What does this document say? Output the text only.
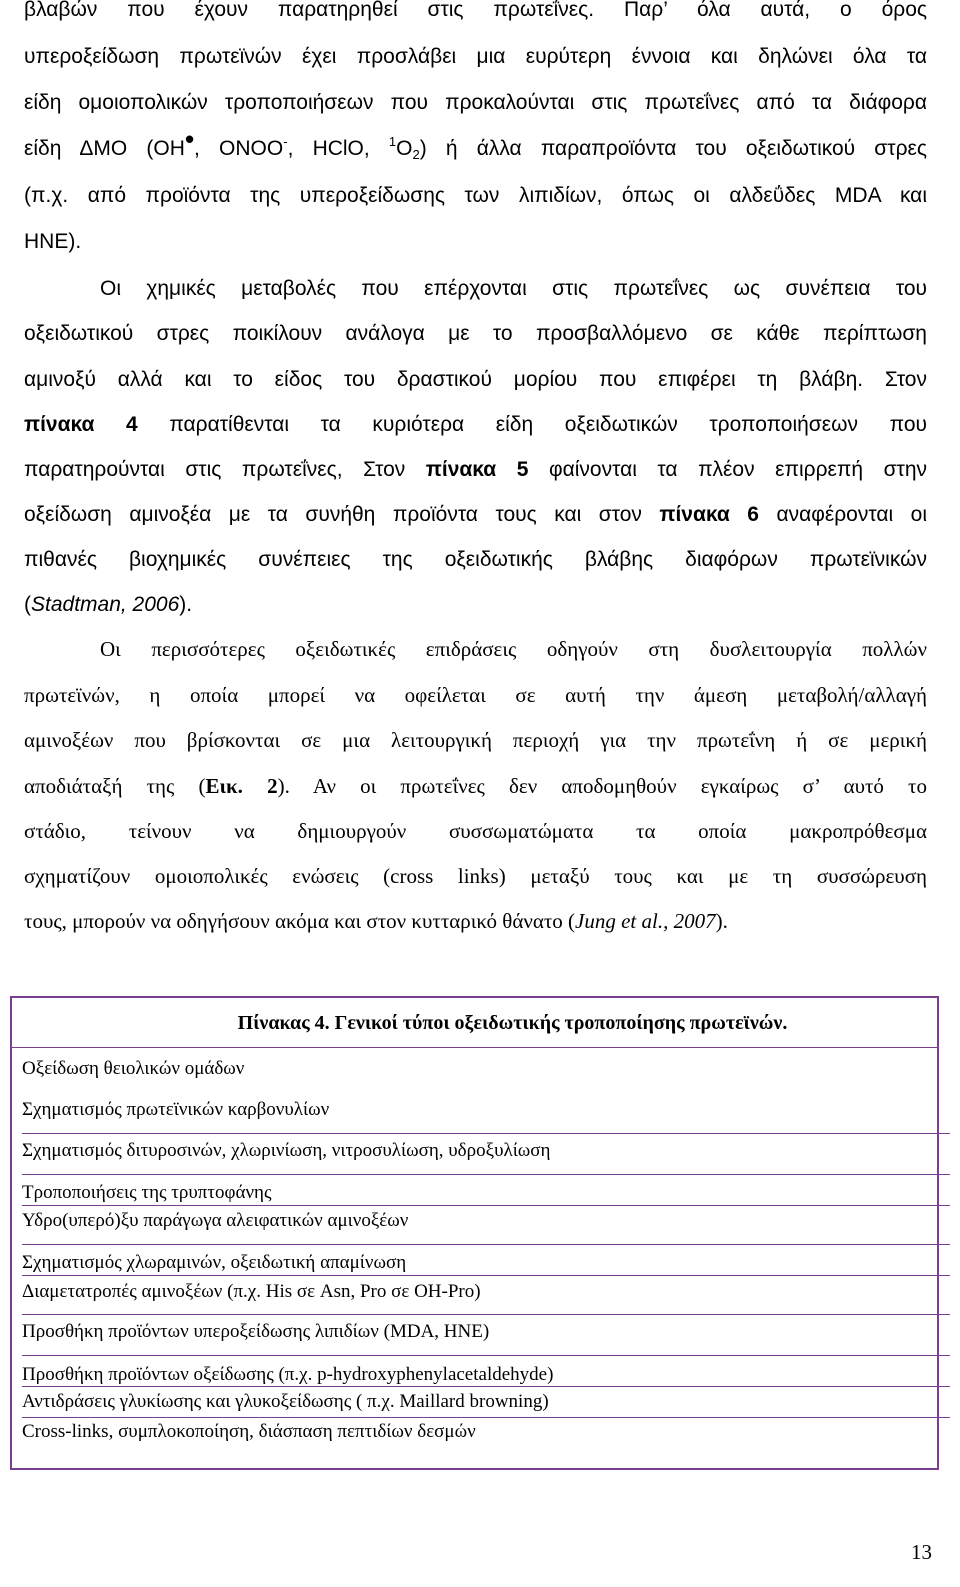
βλαβών που έχουν παρατηρηθεί στις πρωτεΐνες. Παρ’ όλα αυτά, ο όρος
υπεροξείδωση πρωτεϊνών έχει προσλάβει μια ευρύτερη έννοια και δηλώνει όλα τα
είδη ομοιοπολικών τροποποιήσεων που προκαλούνται στις πρωτεΐνες από τα διάφορα
είδη ΔΜΟ (OH•, ONOO-, HClO, $^1O_2$) ή άλλα παραπροϊόντα του οξειδωτικού στρες
(π.χ. από προϊόντα της υπεροξείδωσης των λιπιδίων, όπως οι αλδεΰδες MDA και
HNE).
Οι χημικές μεταβολές που επέρχονται στις πρωτεΐνες ως συνέπεια του
οξειδωτικού στρες ποικίλουν ανάλογα με το προσβαλλόμενο σε κάθε περίπτωση
αμινοξύ αλλά και το είδος του δραστικού μορίου που επιφέρει τη βλάβη. Στον
πίνακα 4 παρατίθενται τα κυριότερα είδη οξειδωτικών τροποποιήσεων που
παρατηρούνται στις πρωτεΐνες, Στον πίνακα 5 φαίνονται τα πλέον επιρρεπή στην
οξείδωση αμινοξέα με τα συνήθη προϊόντα τους και στον πίνακα 6 αναφέρονται οι
πιθανές βιοχημικές συνέπειες της οξειδωτικής βλάβης διαφόρων πρωτεϊνικών
(Stadtman, 2006).
Οι περισσότερες οξειδωτικές επιδράσεις οδηγούν στη δυσλειτουργία πολλών
πρωτεϊνών, η οποία μπορεί να οφείλεται σε αυτή την άμεση μεταβολή/αλλαγή
αμινοξέων που βρίσκονται σε μια λειτουργική περιοχή για την πρωτεΐνη ή σε μερική
αποδιάταξή της (Εικ. 2). Αν οι πρωτεΐνες δεν αποδομηθούν εγκαίρως σ’ αυτό το
στάδιο, τείνουν να δημιουργούν συσσωματώματα τα οποία μακροπρόθεσμα
σχηματίζουν ομοιοπολικές ενώσεις (cross links) μεταξύ τους και με τη συσσώρευση
τους, μπορούν να οδηγήσουν ακόμα και στον κυτταρικό θάνατο (Jung et al., 2007).
Πίνακας 4. Γενικοί τύποι οξειδωτικής τροποποίησης πρωτεϊνών.
Οξείδωση θειολικών ομάδων
Σχηματισμός πρωτεϊνικών καρβονυλίων
Σχηματισμός διτυροσινών, χλωρινίωση, νιτροσυλίωση, υδροξυλίωση
Τροποποιήσεις της τρυπτοφάνης
Υδρο(υπερό)ξυ παράγωγα αλειφατικών αμινοξέων
Σχηματισμός χλωραμινών, οξειδωτική απαμίνωση
Διαμετατροπές αμινοξέων (π.χ. His σε Asn, Pro σε OH-Pro)
Προσθήκη προϊόντων υπεροξείδωσης λιπιδίων (MDA, HNE)
Προσθήκη προϊόντων οξείδωσης (π.χ. p-hydroxyphenylacetaldehyde)
Αντιδράσεις γλυκίωσης και γλυκοξείδωσης ( π.χ. Maillard browning)
Cross-links, συμπλοκοποίηση, διάσπαση πεπτιδίων δεσμών
13
